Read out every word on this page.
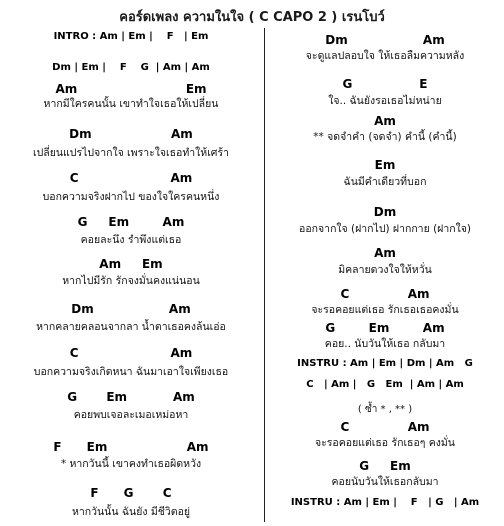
คอร์ดเพลง ความในใจ ( C CAPO 2 ) เรนโบว์
INTRO : Am | Em |    F   | Em
Dm | Em |    F    G  | Am | Am
Am                          Em
หากมีใครคนนั้น เขาทำใจเธอให้เปลี่ยน
Dm                   Am
เปลี่ยนแปรไปจากใจ เพราะใจเธอทำให้เศร้า
C                      Am
บอกความจริงฝากไป ของใจใครคนหนึ่ง
G     Em        Am
คอยละนึง รำพึงแต่เธอ
Am     Em
หากไปมีรัก รักจงมั่นคงแน่นอน
Dm                  Am
หากคลายคลอนจากลา น้ำตาเธอคงล้นเอ่อ
C                      Am
บอกความจริงเกิดหนา ฉันมาเอาใจเพียงเธอ
G       Em           Am
คอยพบเจอละเมอเหม่อหา
F      Em                   Am
* หากวันนี้ เขาคงทำเธอผิดหวัง
F      G       C
หากวันนั้น ฉันยัง มีชีวิตอยู่
Dm                  Am
จะดูแลปลอบใจ ให้เธอลืมความหลัง
G                E
ใจ.. ฉันยังรอเธอไม่หน่าย
Am
** จดจำคำ (จดจำ) คำนี้ (คำนี้)
Em
ฉันมีคำเดียวที่บอก
Dm
ออกจากใจ (ฝากไป) ฝากกาย (ฝากใจ)
Am
มิคลายดวงใจให้หวั่น
C              Am
จะรอคอยแต่เธอ รักเธอเธอคงมั่น
G        Em        Am
คอย.. นับวันให้เธอ กลับมา
INSTRU : Am | Em | Dm | Am   G
C   | Am |   G   Em  | Am | Am
( ซ้ำ * , ** )
C              Am
จะรอคอยแต่เธอ รักเธอๆ คงมั่น
G     Em
คอยนับวันให้เธอกลับมา
INSTRU : Am | Em |    F   | G   | Am
